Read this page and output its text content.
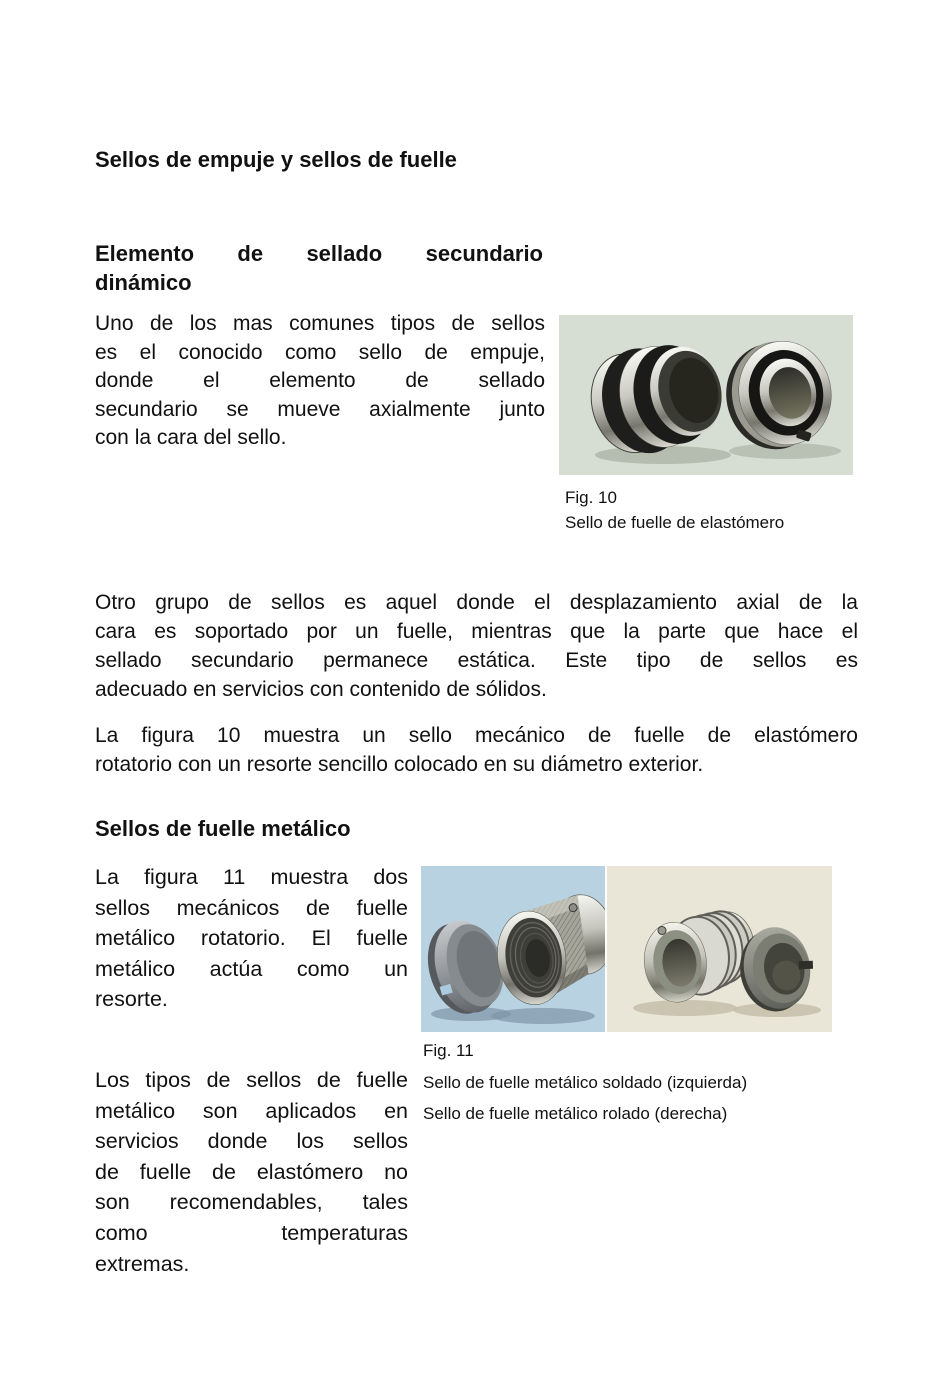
Sellos de empuje y sellos de fuelle
Elemento de sellado secundario
dinámico
Uno de los mas comunes tipos de sellos
es el conocido como sello de empuje,
donde el elemento de sellado
secundario se mueve axialmente junto
con la cara del sello.
Fig. 10
Sello de fuelle de elastómero
Otro grupo de sellos es aquel donde el desplazamiento axial de la
cara es soportado por un fuelle, mientras que la parte que hace el
sellado secundario permanece estática. Este tipo de sellos es
adecuado en servicios con contenido de sólidos.
La figura 10 muestra un sello mecánico de fuelle de elastómero
rotatorio con un resorte sencillo colocado en su diámetro exterior.
Sellos de fuelle metálico
La figura 11 muestra dos
sellos mecánicos de fuelle
metálico rotatorio. El fuelle
metálico actúa como un
resorte.
Fig. 11
Sello de fuelle metálico soldado (izquierda)
Sello de fuelle metálico rolado (derecha)
Los tipos de sellos de fuelle
metálico son aplicados en
servicios donde los sellos
de fuelle de elastómero no
son recomendables, tales
como temperaturas
extremas.
